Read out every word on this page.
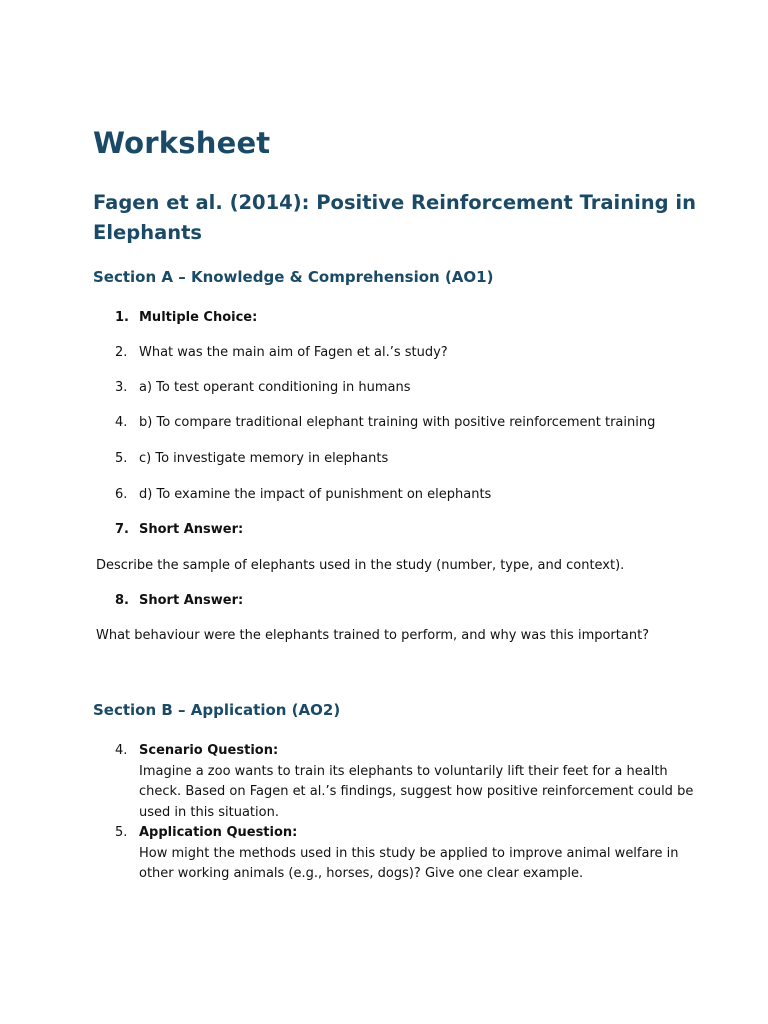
Worksheet
Fagen et al. (2014): Positive Reinforcement Training in Elephants
Section A – Knowledge & Comprehension (AO1)
1. Multiple Choice:
2. What was the main aim of Fagen et al.’s study?
3. a) To test operant conditioning in humans
4. b) To compare traditional elephant training with positive reinforcement training
5. c) To investigate memory in elephants
6. d) To examine the impact of punishment on elephants
7. Short Answer:

Describe the sample of elephants used in the study (number, type, and context).

8. Short Answer:

What behaviour were the elephants trained to perform, and why was this important?

Section B – Application (AO2)
4. Scenario Question:
Imagine a zoo wants to train its elephants to voluntarily lift their feet for a health check. Based on Fagen et al.’s findings, suggest how positive reinforcement could be used in this situation.
5. Application Question:
How might the methods used in this study be applied to improve animal welfare in other working animals (e.g., horses, dogs)? Give one clear example.
